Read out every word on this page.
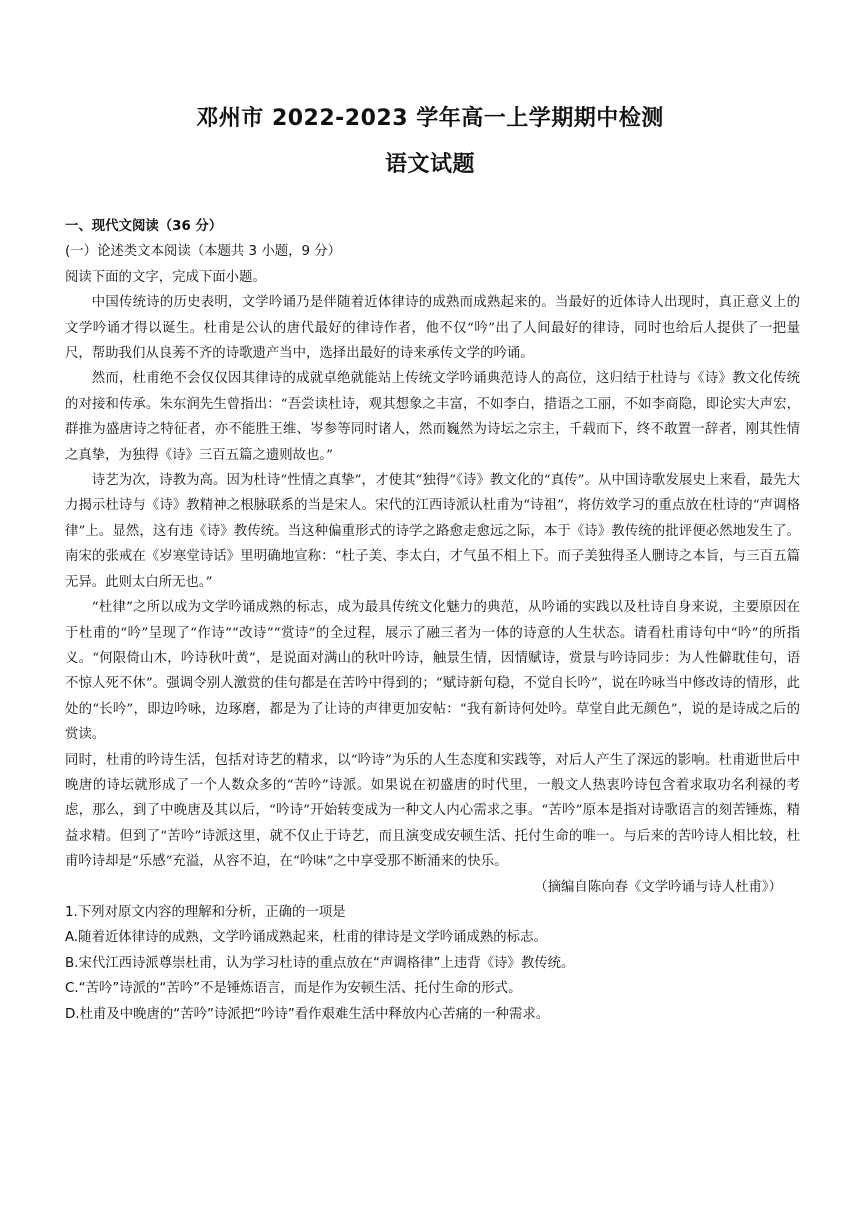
邓州市 2022-2023 学年高一上学期期中检测
语文试题

一、现代文阅读（36 分）

(一）论述类文本阅读（本题共 3 小题，9 分）

阅读下面的文字，完成下面小题。

中国传统诗的历史表明，文学吟诵乃是伴随着近体律诗的成熟而成熟起来的。当最好的近体诗人出现时，真正意义上的文学吟诵才得以诞生。杜甫是公认的唐代最好的律诗作者，他不仅“吟”出了人间最好的律诗，同时也给后人提供了一把量尺，帮助我们从良莠不齐的诗歌遗产当中，选择出最好的诗来承传文学的吟诵。

然而，杜甫绝不会仅仅因其律诗的成就卓绝就能站上传统文学吟诵典范诗人的高位，这归结于杜诗与《诗》教文化传统的对接和传承。朱东润先生曾指出：“吾尝读杜诗，观其想象之丰富，不如李白，措语之工丽，不如李商隐，即论实大声宏，群推为盛唐诗之特征者，亦不能胜王维、岑参等同时诸人，然而巍然为诗坛之宗主，千载而下，终不敢置一辞者，刚其性情之真挚，为独得《诗》三百五篇之遗则故也。”

诗艺为次，诗教为高。因为杜诗“性情之真挚”，才使其“独得”《诗》教文化的“真传”。从中国诗歌发展史上来看，最先大力揭示杜诗与《诗》教精神之根脉联系的当是宋人。宋代的江西诗派认杜甫为“诗祖”，将仿效学习的重点放在杜诗的“声调格律”上。显然，这有违《诗》教传统。当这种偏重形式的诗学之路愈走愈远之际，本于《诗》教传统的批评便必然地发生了。南宋的张戒在《岁寒堂诗话》里明确地宣称：“杜子美、李太白，才气虽不相上下。而子美独得圣人删诗之本旨，与三百五篇无异。此则太白所无也。”

“杜律”之所以成为文学吟诵成熟的标志，成为最具传统文化魅力的典范，从吟诵的实践以及杜诗自身来说，主要原因在于杜甫的“吟”呈现了“作诗”“改诗”“赏诗”的全过程，展示了融三者为一体的诗意的人生状态。请看杜甫诗句中“吟”的所指义。“何限倚山木，吟诗秋叶黄”，是说面对满山的秋叶吟诗，触景生情，因情赋诗，赏景与吟诗同步：为人性僻耽佳句，语不惊人死不休”。强调令别人激赏的佳句都是在苦吟中得到的；“赋诗新句稳，不觉自长吟”，说在吟咏当中修改诗的情形，此处的“长吟”，即边吟咏，边琢磨，都是为了让诗的声律更加安帖：“我有新诗何处吟。草堂自此无颜色”，说的是诗成之后的赏读。

同时，杜甫的吟诗生活，包括对诗艺的精求，以“吟诗”为乐的人生态度和实践等，对后人产生了深远的影响。杜甫逝世后中晚唐的诗坛就形成了一个人数众多的“苦吟”诗派。如果说在初盛唐的时代里，一般文人热衷吟诗包含着求取功名利禄的考虑，那么，到了中晚唐及其以后，“吟诗”开始转变成为一种文人内心需求之事。“苦吟”原本是指对诗歌语言的刻苦锤炼，精益求精。但到了“苦吟”诗派这里，就不仅止于诗艺，而且演变成安顿生活、托付生命的唯一。与后来的苦吟诗人相比较，杜甫吟诗却是“乐感”充溢，从容不迫，在“吟味”之中享受那不断涌来的快乐。

（摘编自陈向春《文学吟诵与诗人杜甫》）

1.下列对原文内容的理解和分析，正确的一项是

A.随着近体律诗的成熟，文学吟诵成熟起来，杜甫的律诗是文学吟诵成熟的标志。

B.宋代江西诗派尊崇杜甫，认为学习杜诗的重点放在“声调格律”上违背《诗》教传统。

C.“苦吟”诗派的“苦吟”不是锤炼语言，而是作为安顿生活、托付生命的形式。

D.杜甫及中晚唐的“苦吟”诗派把“吟诗”看作艰难生活中释放内心苦痛的一种需求。
